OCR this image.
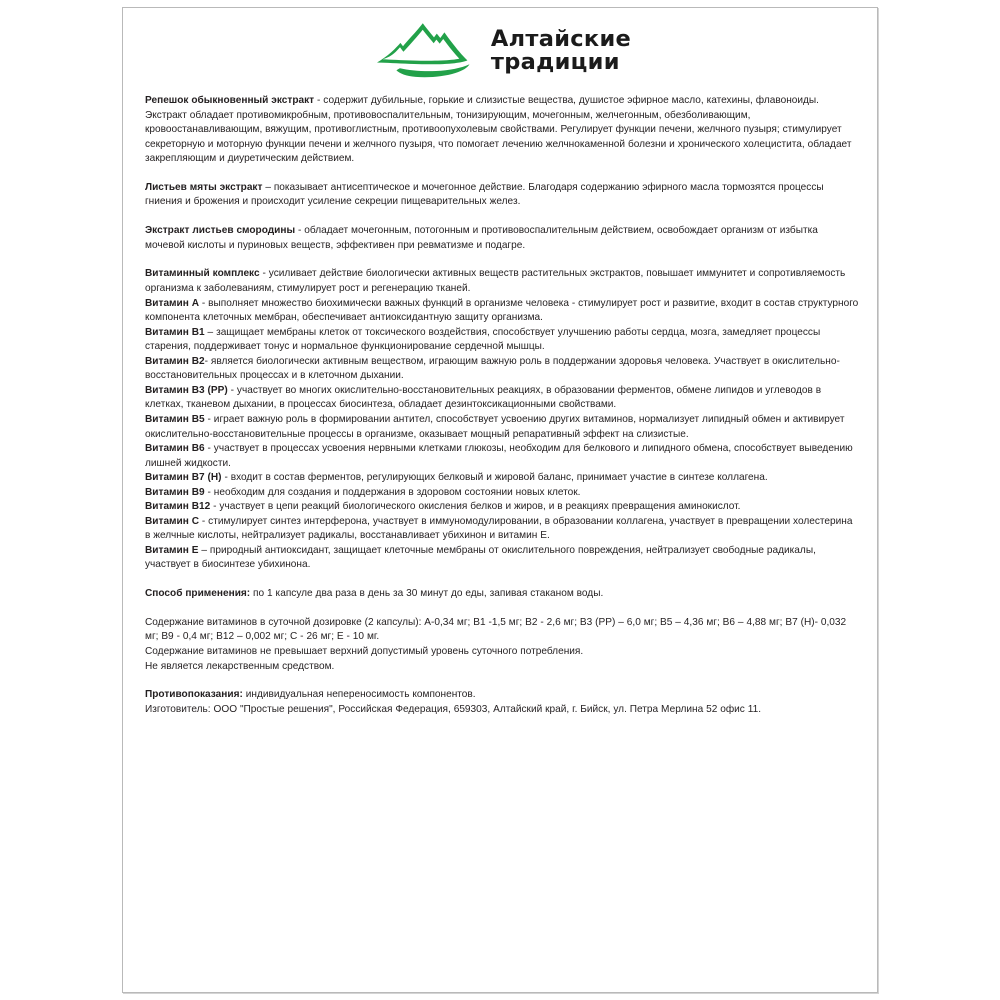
Алтайские
традиции

Репешок обыкновенный экстракт - содержит дубильные, горькие и слизистые вещества, душистое эфирное масло, катехины, флавоноиды. Экстракт обладает противомикробным, противовоспалительным, тонизирующим, мочегонным, желчегонным, обезболивающим, кровоостанавливающим, вяжущим, противоглистным, противоопухолевым свойствами. Регулирует функции печени, желчного пузыря; стимулирует секреторную и моторную функции печени и желчного пузыря, что помогает лечению желчнокаменной болезни и хронического холецистита, обладает закрепляющим и диуретическим действием.

Листьев мяты экстракт – показывает антисептическое и мочегонное действие. Благодаря содержанию эфирного масла тормозятся процессы гниения и брожения и происходит усиление секреции пищеварительных желез.

Экстракт листьев смородины - обладает мочегонным, потогонным и противовоспалительным действием, освобождает организм от избытка мочевой кислоты и пуриновых веществ, эффективен при ревматизме и подагре.

Витаминный комплекс - усиливает действие биологически активных веществ растительных экстрактов, повышает иммунитет и сопротивляемость организма к заболеваниям, стимулирует рост и регенерацию тканей.

Витамин А - выполняет множество биохимически важных функций в организме человека - стимулирует рост и развитие, входит в состав структурного компонента клеточных мембран, обеспечивает антиоксидантную защиту организма.

Витамин В1 – защищает мембраны клеток от токсического воздействия, способствует улучшению работы сердца, мозга, замедляет процессы старения, поддерживает тонус и нормальное функционирование сердечной мышцы.

Витамин В2- является биологически активным веществом, играющим важную роль в поддержании здоровья человека. Участвует в окислительно-восстановительных процессах и в клеточном дыхании.

Витамин В3 (РР) - участвует во многих окислительно-восстановительных реакциях, в образовании ферментов, обмене липидов и углеводов в клетках, тканевом дыхании, в процессах биосинтеза, обладает дезинтоксикационными свойствами.

Витамин В5 - играет важную роль в формировании антител, способствует усвоению других витаминов, нормализует липидный обмен и активирует окислительно-восстановительные процессы в организме, оказывает мощный репаративный эффект на слизистые.

Витамин В6 - участвует в процессах усвоения нервными клетками глюкозы, необходим для белкового и липидного обмена, способствует выведению лишней жидкости.

Витамин В7 (Н) - входит в состав ферментов, регулирующих белковый и жировой баланс, принимает участие в синтезе коллагена.

Витамин В9 - необходим для создания и поддержания в здоровом состоянии новых клеток.

Витамин В12 - участвует в цепи реакций биологического окисления белков и жиров, и в реакциях превращения аминокислот.

Витамин С - стимулирует синтез интерферона, участвует в иммуномодулировании, в образовании коллагена, участвует в превращении холестерина в желчные кислоты, нейтрализует радикалы, восстанавливает убихинон и витамин Е.

Витамин Е – природный антиоксидант, защищает клеточные мембраны от окислительного повреждения, нейтрализует свободные радикалы, участвует в биосинтезе убихинона.

Способ применения: по 1 капсуле два раза в день за 30 минут до еды, запивая стаканом воды.

Содержание витаминов в суточной дозировке (2 капсулы): А-0,34 мг; В1 -1,5 мг; В2 - 2,6 мг; В3 (РР) – 6,0 мг; В5 – 4,36 мг; В6 – 4,88 мг; В7 (Н)- 0,032 мг; В9 - 0,4 мг; В12 – 0,002 мг; С - 26 мг; Е - 10 мг.

Содержание витаминов не превышает верхний допустимый уровень суточного потребления.

Не является лекарственным средством.

Противопоказания: индивидуальная непереносимость компонентов.

Изготовитель: ООО "Простые решения", Российская Федерация, 659303, Алтайский край, г. Бийск, ул. Петра Мерлина 52 офис 11.
